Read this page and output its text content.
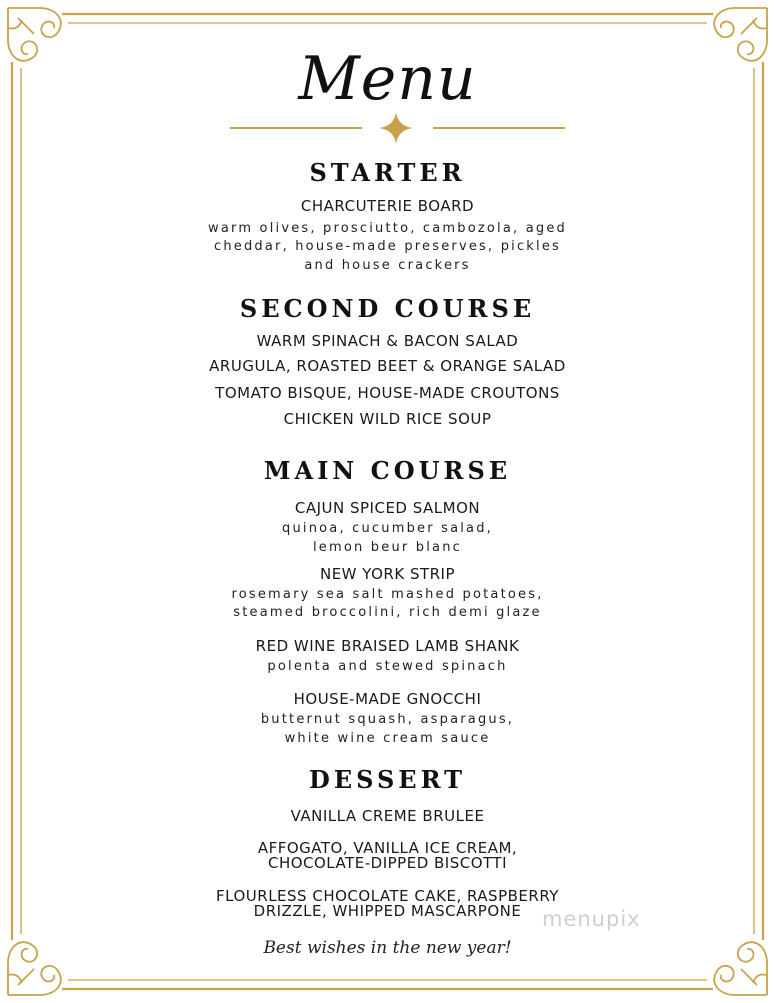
Menu
STARTER
CHARCUTERIE BOARD
warm olives, prosciutto, cambozola, aged
cheddar, house-made preserves, pickles
and house crackers
SECOND COURSE
WARM SPINACH & BACON SALAD
ARUGULA, ROASTED BEET & ORANGE SALAD
TOMATO BISQUE, HOUSE-MADE CROUTONS
CHICKEN WILD RICE SOUP
MAIN COURSE
CAJUN SPICED SALMON
quinoa, cucumber salad,
lemon beur blanc
NEW YORK STRIP
rosemary sea salt mashed potatoes,
steamed broccolini, rich demi glaze
RED WINE BRAISED LAMB SHANK
polenta and stewed spinach
HOUSE-MADE GNOCCHI
butternut squash, asparagus,
white wine cream sauce
DESSERT
VANILLA CREME BRULEE
AFFOGATO, VANILLA ICE CREAM,
CHOCOLATE-DIPPED BISCOTTI
FLOURLESS CHOCOLATE CAKE, RASPBERRY
DRIZZLE, WHIPPED MASCARPONE menupix
Best wishes in the new year!
